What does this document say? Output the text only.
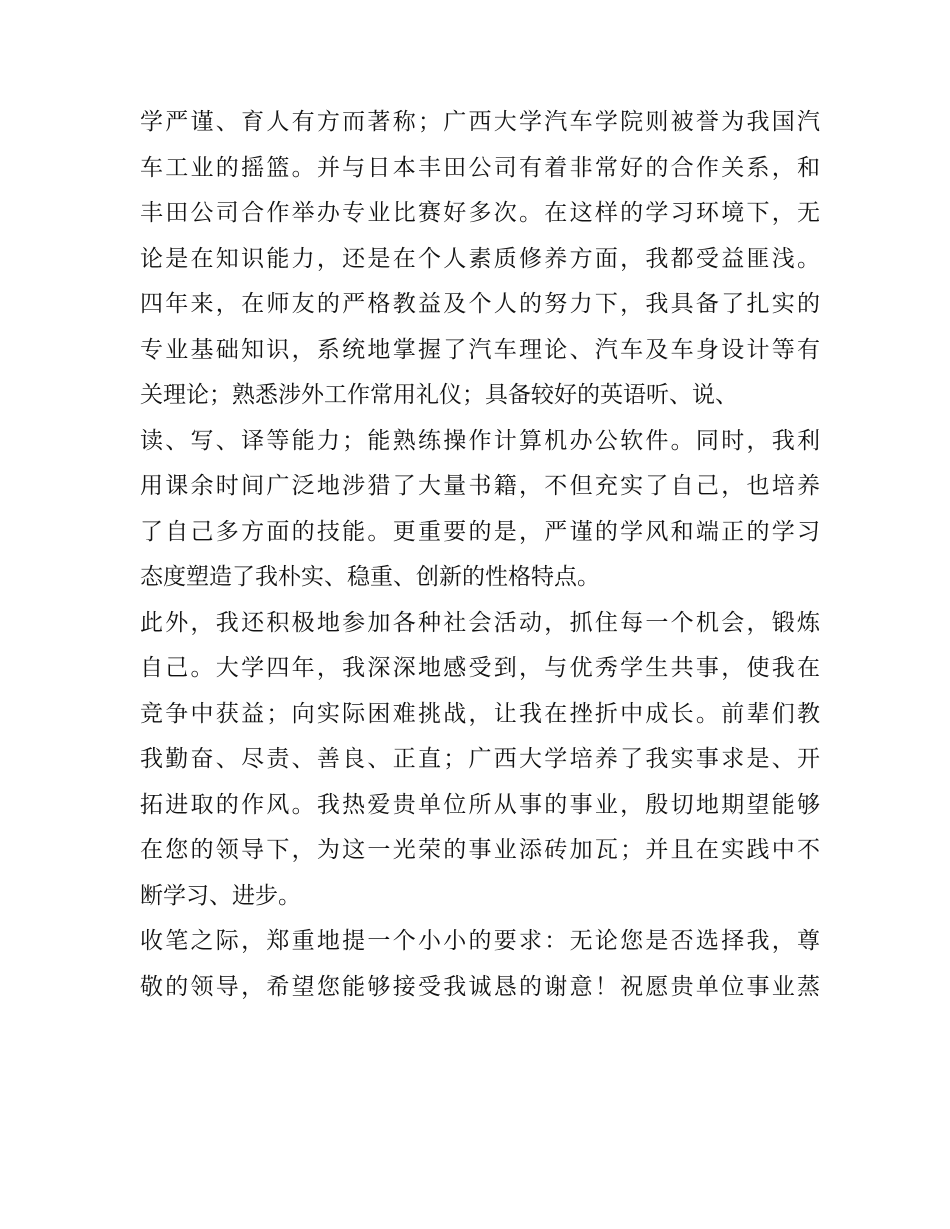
学严谨、育人有方而著称；广西大学汽车学院则被誉为我国汽
车工业的摇篮。并与日本丰田公司有着非常好的合作关系，和
丰田公司合作举办专业比赛好多次。在这样的学习环境下，无
论是在知识能力，还是在个人素质修养方面，我都受益匪浅。
四年来，在师友的严格教益及个人的努力下，我具备了扎实的
专业基础知识，系统地掌握了汽车理论、汽车及车身设计等有
关理论；熟悉涉外工作常用礼仪；具备较好的英语听、说、
读、写、译等能力；能熟练操作计算机办公软件。同时，我利
用课余时间广泛地涉猎了大量书籍，不但充实了自己，也培养
了自己多方面的技能。更重要的是，严谨的学风和端正的学习
态度塑造了我朴实、稳重、创新的性格特点。
此外，我还积极地参加各种社会活动，抓住每一个机会，锻炼
自己。大学四年，我深深地感受到，与优秀学生共事，使我在
竞争中获益；向实际困难挑战，让我在挫折中成长。前辈们教
我勤奋、尽责、善良、正直；广西大学培养了我实事求是、开
拓进取的作风。我热爱贵单位所从事的事业，殷切地期望能够
在您的领导下，为这一光荣的事业添砖加瓦；并且在实践中不
断学习、进步。
收笔之际，郑重地提一个小小的要求：无论您是否选择我，尊
敬的领导，希望您能够接受我诚恳的谢意！祝愿贵单位事业蒸
